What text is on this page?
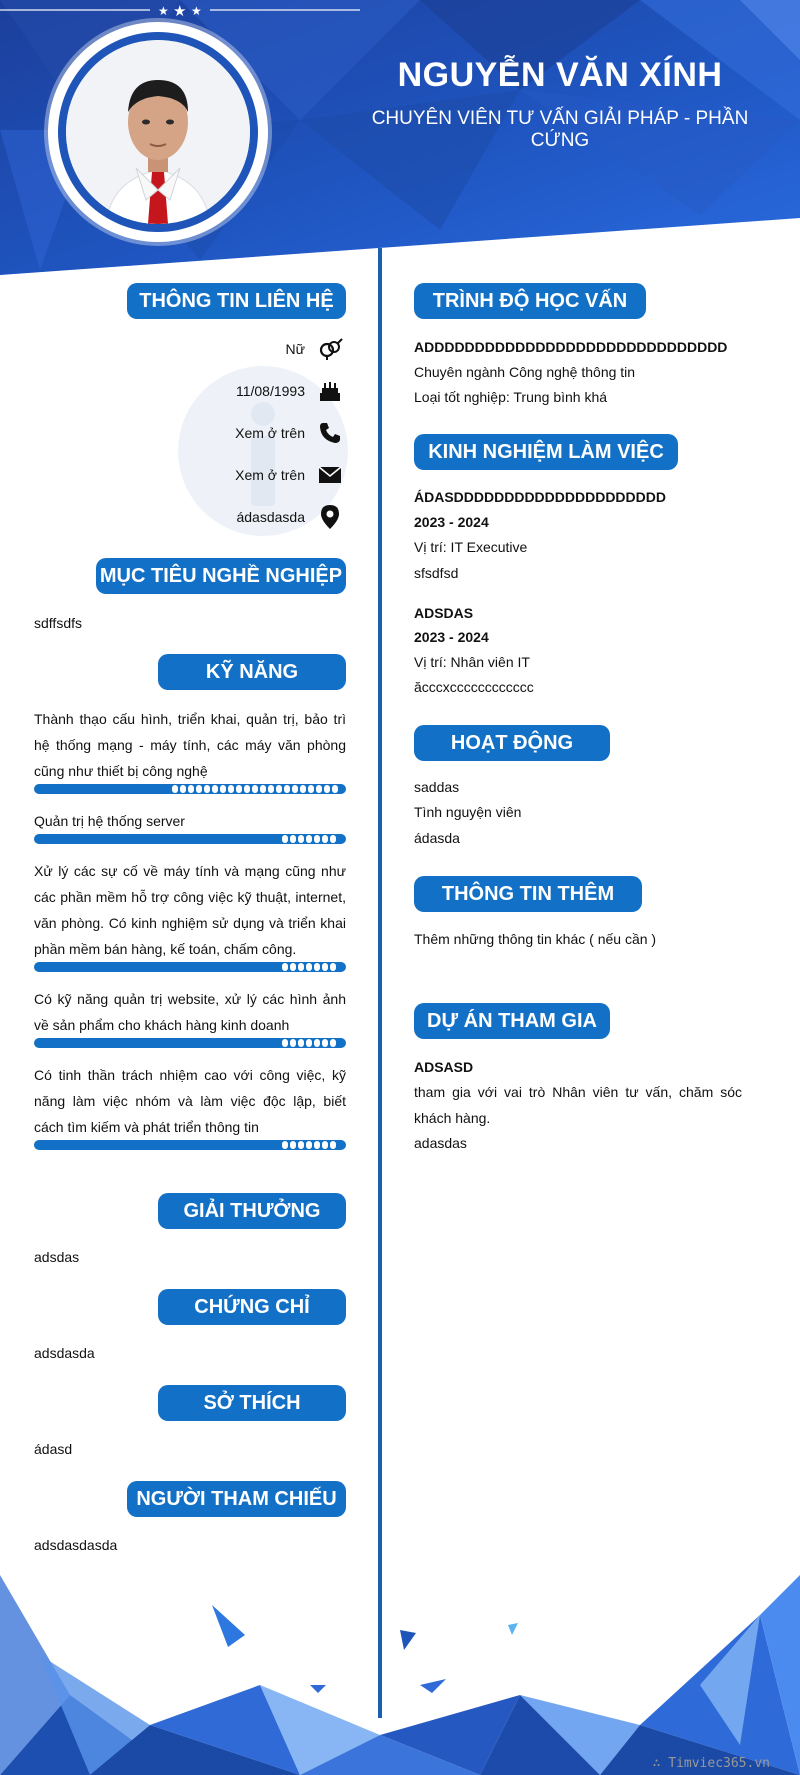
NGUYỄN VĂN XÍNH
CHUYÊN VIÊN TƯ VẤN GIẢI PHÁP - PHẦN CỨNG
★ ★ ★
THÔNG TIN LIÊN HỆ
Nữ
11/08/1993
Xem ở trên
Xem ở trên
ádasdasda
MỤC TIÊU NGHỀ NGHIỆP
sdffsdfs
KỸ NĂNG
Thành thạo cấu hình, triển khai, quản trị, bảo trì hệ thống mạng - máy tính, các máy văn phòng cũng như thiết bị công nghệ
Quản trị hệ thống server
Xử lý các sự cố về máy tính và mạng cũng như các phần mềm hỗ trợ công việc kỹ thuật, internet, văn phòng. Có kinh nghiệm sử dụng và triển khai phần mềm bán hàng, kế toán, chấm công.
Có kỹ năng quản trị website, xử lý các hình ảnh về sản phẩm cho khách hàng kinh doanh
Có tinh thần trách nhiệm cao với công việc, kỹ năng làm việc nhóm và làm việc độc lập, biết cách tìm kiếm và phát triển thông tin
GIẢI THƯỞNG
adsdas
CHỨNG CHỈ
adsdasda
SỞ THÍCH
ádasd
NGƯỜI THAM CHIẾU
adsdasdasda
TRÌNH ĐỘ HỌC VẤN
ADDDDDDDDDDDDDDDDDDDDDDDDDDDDDD
Chuyên ngành Công nghệ thông tin
Loại tốt nghiệp: Trung bình khá
KINH NGHIỆM LÀM VIỆC
ÁDASDDDDDDDDDDDDDDDDDDDDD
2023 - 2024
Vị trí: IT Executive
sfsdfsd
ADSDAS
2023 - 2024
Vị trí: Nhân viên IT
ăcccxcccccccccccc
HOẠT ĐỘNG
saddas
Tình nguyện viên
ádasda
THÔNG TIN THÊM
Thêm những thông tin khác ( nếu cần )
DỰ ÁN THAM GIA
ADSASD
tham gia với vai trò Nhân viên tư vấn, chăm sóc khách hàng.
adasdas
∴ Timviec365.vn
